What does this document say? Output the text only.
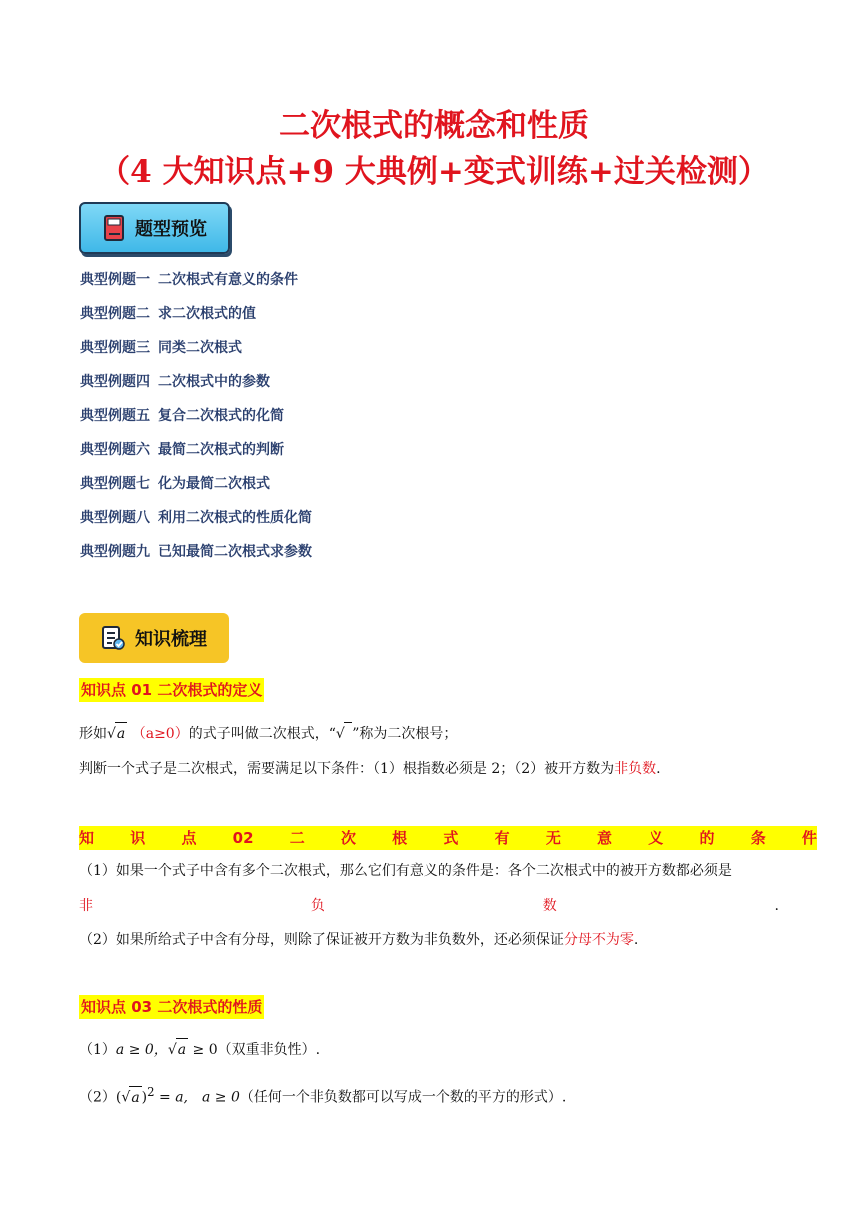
二次根式的概念和性质
（4 大知识点+9 大典例+变式训练+过关检测）
题型预览
典型例题一 二次根式有意义的条件
典型例题二 求二次根式的值
典型例题三 同类二次根式
典型例题四 二次根式中的参数
典型例题五 复合二次根式的化简
典型例题六 最简二次根式的判断
典型例题七 化为最简二次根式
典型例题八 利用二次根式的性质化简
典型例题九 已知最简二次根式求参数
知识梳理
知识点 01 二次根式的定义
形如√a （a≥0）的式子叫做二次根式，“√ ”称为二次根号；
判断一个式子是二次根式，需要满足以下条件：（1）根指数必须是 2；（2）被开方数为非负数.
知 识 点 02 二 次 根 式 有 无 意 义 的 条 件
（1）如果一个式子中含有多个二次根式，那么它们有意义的条件是：各个二次根式中的被开方数都必须是
非	负	数	.
（2）如果所给式子中含有分母，则除了保证被开方数为非负数外，还必须保证分母不为零.
知识点 03 二次根式的性质
（1）a ≥ 0，√a ≥ 0（双重非负性）.
（2）(√a )$^2$ = a,　a ≥ 0（任何一个非负数都可以写成一个数的平方的形式）.
